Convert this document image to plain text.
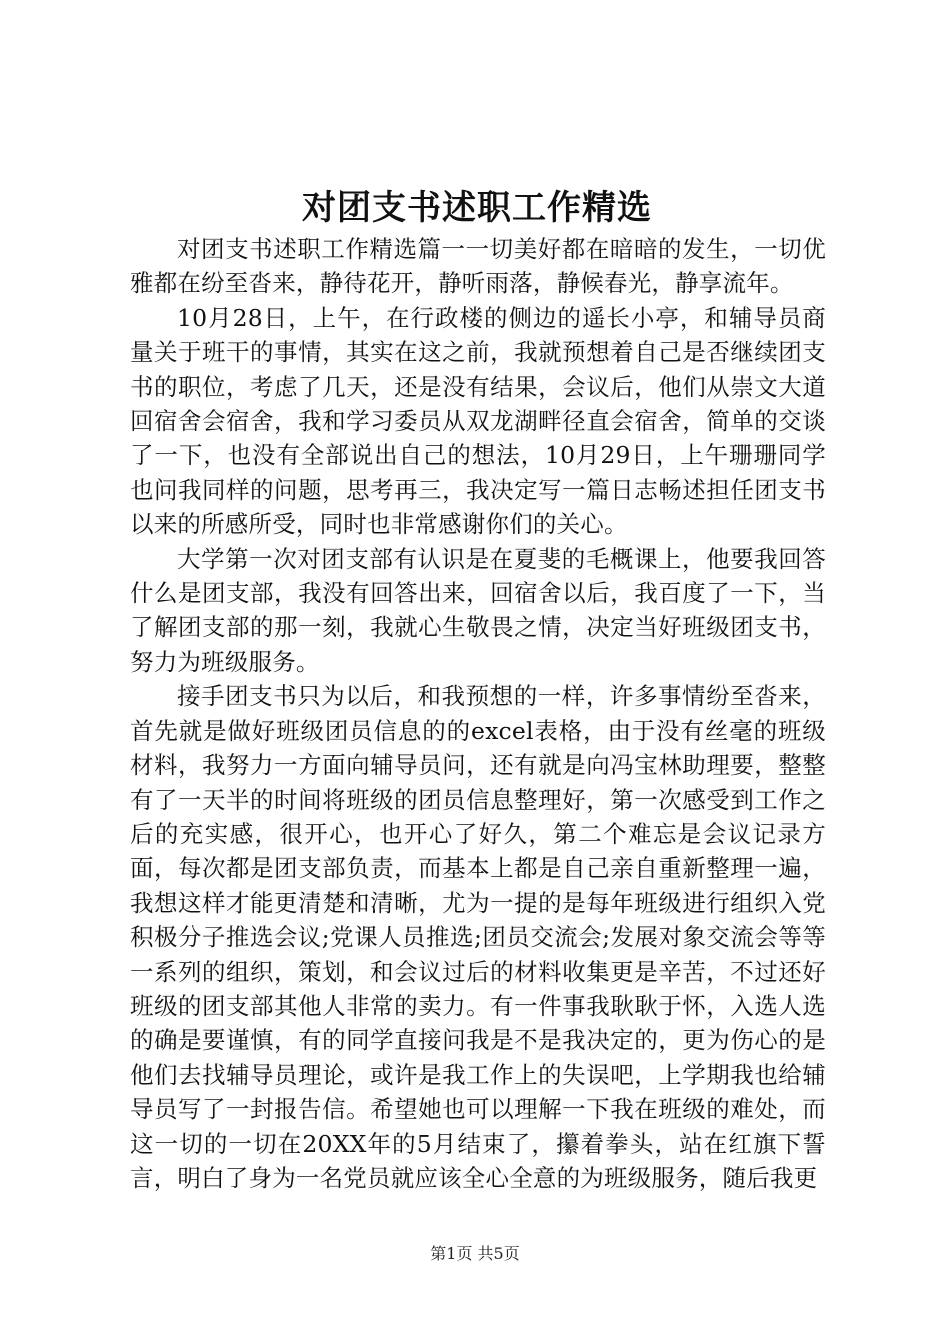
对团支书述职工作精选

对团支书述职工作精选篇一一切美好都在暗暗的发生，一切优雅都在纷至沓来，静待花开，静听雨落，静候春光，静享流年。

10月28日，上午，在行政楼的侧边的遥长小亭，和辅导员商量关于班干的事情，其实在这之前，我就预想着自己是否继续团支书的职位，考虑了几天，还是没有结果，会议后，他们从崇文大道回宿舍会宿舍，我和学习委员从双龙湖畔径直会宿舍，简单的交谈了一下，也没有全部说出自己的想法，10月29日，上午珊珊同学也问我同样的问题，思考再三，我决定写一篇日志畅述担任团支书以来的所感所受，同时也非常感谢你们的关心。

大学第一次对团支部有认识是在夏斐的毛概课上，他要我回答什么是团支部，我没有回答出来，回宿舍以后，我百度了一下，当了解团支部的那一刻，我就心生敬畏之情，决定当好班级团支书，努力为班级服务。

接手团支书只为以后，和我预想的一样，许多事情纷至沓来，首先就是做好班级团员信息的的excel表格，由于没有丝毫的班级材料，我努力一方面向辅导员问，还有就是向冯宝林助理要，整整有了一天半的时间将班级的团员信息整理好，第一次感受到工作之后的充实感，很开心，也开心了好久，第二个难忘是会议记录方面，每次都是团支部负责，而基本上都是自己亲自重新整理一遍，我想这样才能更清楚和清晰，尤为一提的是每年班级进行组织入党积极分子推选会议;党课人员推选;团员交流会;发展对象交流会等等一系列的组织，策划，和会议过后的材料收集更是辛苦，不过还好班级的团支部其他人非常的卖力。有一件事我耿耿于怀，入选人选的确是要谨慎，有的同学直接问我是不是我决定的，更为伤心的是他们去找辅导员理论，或许是我工作上的失误吧，上学期我也给辅导员写了一封报告信。希望她也可以理解一下我在班级的难处，而这一切的一切在20XX年的5月结束了，攥着拳头，站在红旗下誓言，明白了身为一名党员就应该全心全意的为班级服务，随后我更

第1页 共5页
